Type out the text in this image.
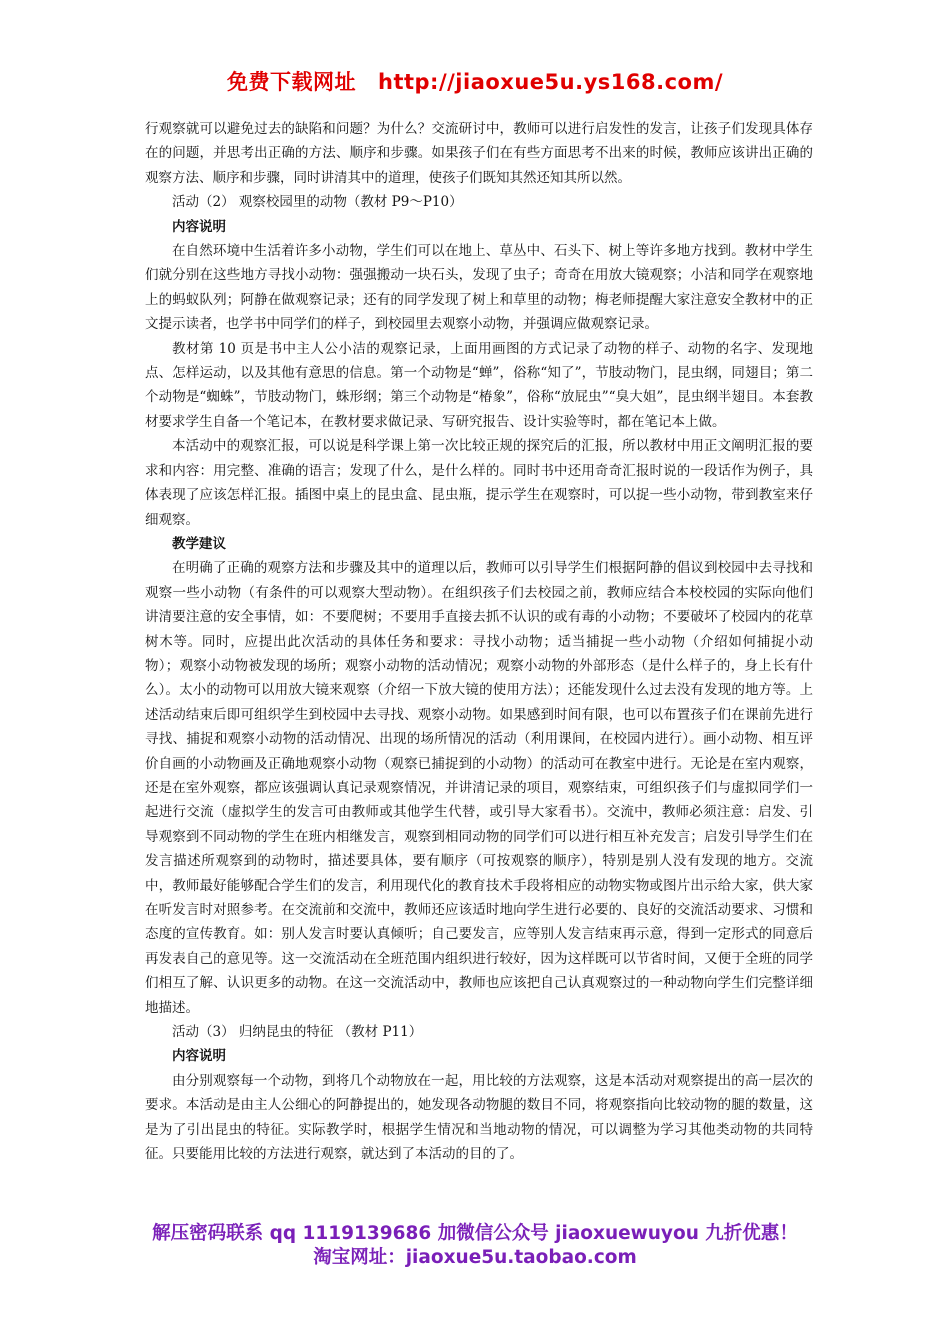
免费下载网址 http://jiaoxue5u.ys168.com/

行观察就可以避免过去的缺陷和问题？为什么？交流研讨中，教师可以进行启发性的发言，让孩子们发现具体存在的问题，并思考出正确的方法、顺序和步骤。如果孩子们在有些方面思考不出来的时候，教师应该讲出正确的观察方法、顺序和步骤，同时讲清其中的道理，使孩子们既知其然还知其所以然。

活动（2） 观察校园里的动物（教材 P9～P10）

内容说明

在自然环境中生活着许多小动物，学生们可以在地上、草丛中、石头下、树上等许多地方找到。教材中学生们就分别在这些地方寻找小动物：强强搬动一块石头，发现了虫子；奇奇在用放大镜观察；小洁和同学在观察地上的蚂蚁队列；阿静在做观察记录；还有的同学发现了树上和草里的动物；梅老师提醒大家注意安全教材中的正文提示读者，也学书中同学们的样子，到校园里去观察小动物，并强调应做观察记录。

教材第 10 页是书中主人公小洁的观察记录，上面用画图的方式记录了动物的样子、动物的名字、发现地点、怎样运动，以及其他有意思的信息。第一个动物是“蝉”，俗称“知了”，节肢动物门，昆虫纲，同翅目；第二个动物是“蜘蛛”，节肢动物门，蛛形纲；第三个动物是“椿象”，俗称“放屁虫”“臭大姐”，昆虫纲半翅目。本套教材要求学生自备一个笔记本，在教材要求做记录、写研究报告、设计实验等时，都在笔记本上做。

本活动中的观察汇报，可以说是科学课上第一次比较正规的探究后的汇报，所以教材中用正文阐明汇报的要求和内容：用完整、准确的语言；发现了什么，是什么样的。同时书中还用奇奇汇报时说的一段话作为例子，具体表现了应该怎样汇报。插图中桌上的昆虫盒、昆虫瓶，提示学生在观察时，可以捉一些小动物，带到教室来仔细观察。

教学建议

在明确了正确的观察方法和步骤及其中的道理以后，教师可以引导学生们根据阿静的倡议到校园中去寻找和观察一些小动物（有条件的可以观察大型动物）。在组织孩子们去校园之前，教师应结合本校校园的实际向他们讲清要注意的安全事情，如：不要爬树；不要用手直接去抓不认识的或有毒的小动物；不要破坏了校园内的花草树木等。同时，应提出此次活动的具体任务和要求：寻找小动物；适当捕捉一些小动物（介绍如何捕捉小动物）；观察小动物被发现的场所；观察小动物的活动情况；观察小动物的外部形态（是什么样子的，身上长有什么）。太小的动物可以用放大镜来观察（介绍一下放大镜的使用方法）；还能发现什么过去没有发现的地方等。上述活动结束后即可组织学生到校园中去寻找、观察小动物。如果感到时间有限，也可以布置孩子们在课前先进行寻找、捕捉和观察小动物的活动情况、出现的场所情况的活动（利用课间，在校园内进行）。画小动物、相互评价自画的小动物画及正确地观察小动物（观察已捕捉到的小动物）的活动可在教室中进行。无论是在室内观察，还是在室外观察，都应该强调认真记录观察情况，并讲清记录的项目，观察结束，可组织孩子们与虚拟同学们一起进行交流（虚拟学生的发言可由教师或其他学生代替，或引导大家看书）。交流中，教师必须注意：启发、引导观察到不同动物的学生在班内相继发言，观察到相同动物的同学们可以进行相互补充发言；启发引导学生们在发言描述所观察到的动物时，描述要具体，要有顺序（可按观察的顺序），特别是别人没有发现的地方。交流中，教师最好能够配合学生们的发言，利用现代化的教育技术手段将相应的动物实物或图片出示给大家，供大家在听发言时对照参考。在交流前和交流中，教师还应该适时地向学生进行必要的、良好的交流活动要求、习惯和态度的宣传教育。如：别人发言时要认真倾听；自己要发言，应等别人发言结束再示意，得到一定形式的同意后再发表自己的意见等。这一交流活动在全班范围内组织进行较好，因为这样既可以节省时间，又便于全班的同学们相互了解、认识更多的动物。在这一交流活动中，教师也应该把自己认真观察过的一种动物向学生们完整详细地描述。

活动（3） 归纳昆虫的特征 （教材 P11）

内容说明

由分别观察每一个动物，到将几个动物放在一起，用比较的方法观察，这是本活动对观察提出的高一层次的要求。本活动是由主人公细心的阿静提出的，她发现各动物腿的数目不同，将观察指向比较动物的腿的数量，这是为了引出昆虫的特征。实际教学时，根据学生情况和当地动物的情况，可以调整为学习其他类动物的共同特征。只要能用比较的方法进行观察，就达到了本活动的目的了。

解压密码联系 qq 1119139686 加微信公众号 jiaoxuewuyou 九折优惠！
淘宝网址：jiaoxue5u.taobao.com
